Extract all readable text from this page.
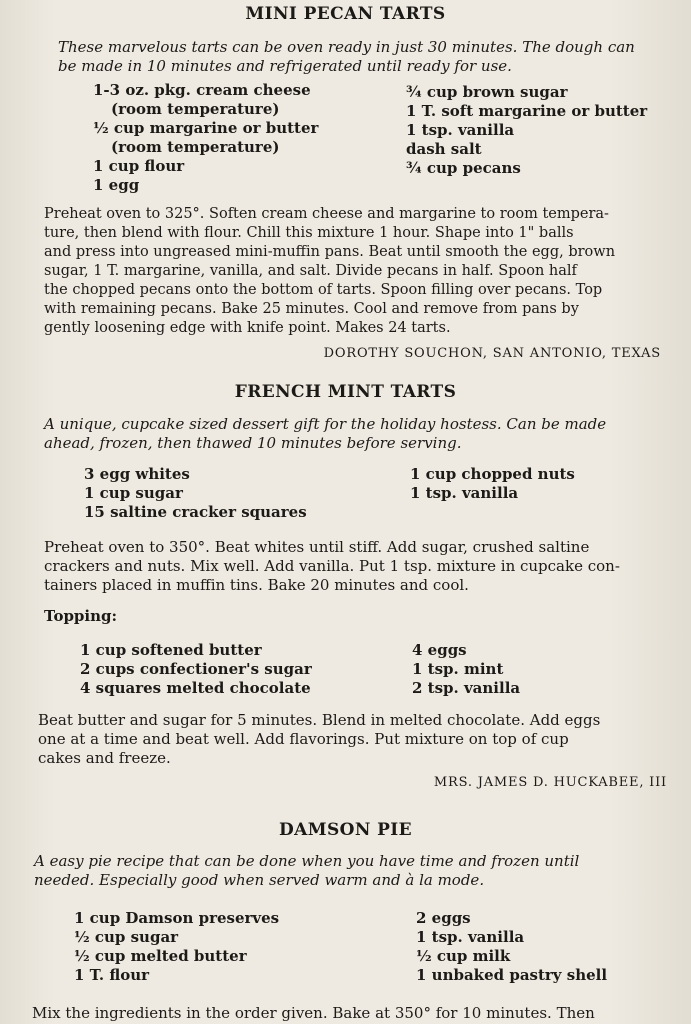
MINI PECAN TARTS
These marvelous tarts can be oven ready in just 30 minutes. The dough can
be made in 10 minutes and refrigerated until ready for use.
1-3 oz. pkg. cream cheese
(room temperature)
½ cup margarine or butter
(room temperature)
1 cup flour
1 egg
¾ cup brown sugar
1 T. soft margarine or butter
1 tsp. vanilla
dash salt
¾ cup pecans
Preheat oven to 325°. Soften cream cheese and margarine to room tempera-
ture, then blend with flour. Chill this mixture 1 hour. Shape into 1" balls
and press into ungreased mini-muffin pans. Beat until smooth the egg, brown
sugar, 1 T. margarine, vanilla, and salt. Divide pecans in half. Spoon half
the chopped pecans onto the bottom of tarts. Spoon filling over pecans. Top
with remaining pecans. Bake 25 minutes. Cool and remove from pans by
gently loosening edge with knife point. Makes 24 tarts.
DOROTHY SOUCHON, SAN ANTONIO, TEXAS
FRENCH MINT TARTS
A unique, cupcake sized dessert gift for the holiday hostess. Can be made
ahead, frozen, then thawed 10 minutes before serving.
3 egg whites
1 cup sugar
15 saltine cracker squares
1 cup chopped nuts
1 tsp. vanilla
Preheat oven to 350°. Beat whites until stiff. Add sugar, crushed saltine
crackers and nuts. Mix well. Add vanilla. Put 1 tsp. mixture in cupcake con-
tainers placed in muffin tins. Bake 20 minutes and cool.
Topping:
1 cup softened butter
2 cups confectioner's sugar
4 squares melted chocolate
4 eggs
1 tsp. mint
2 tsp. vanilla
Beat butter and sugar for 5 minutes. Blend in melted chocolate. Add eggs
one at a time and beat well. Add flavorings. Put mixture on top of cup
cakes and freeze.
MRS. JAMES D. HUCKABEE, III
DAMSON PIE
A easy pie recipe that can be done when you have time and frozen until
needed. Especially good when served warm and à la mode.
1 cup Damson preserves
½ cup sugar
½ cup melted butter
1 T. flour
2 eggs
1 tsp. vanilla
½ cup milk
1 unbaked pastry shell
Mix the ingredients in the order given. Bake at 350° for 10 minutes. Then
